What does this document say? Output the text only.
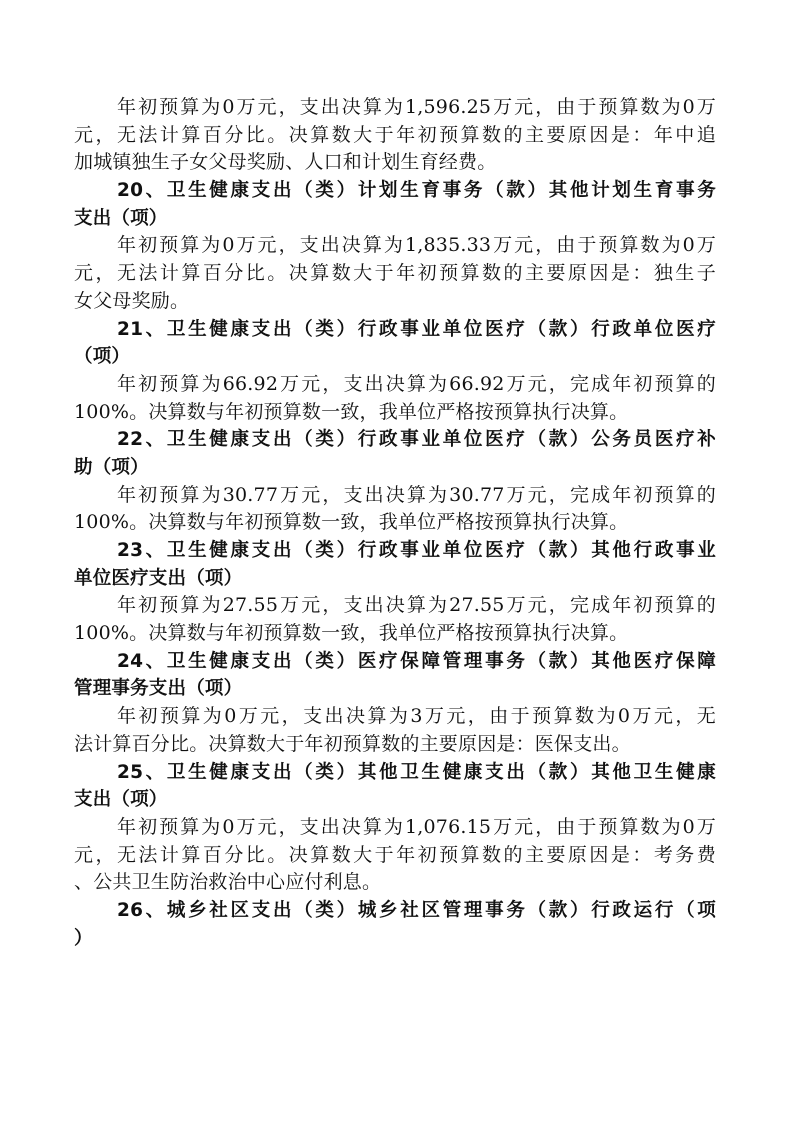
年初预算为0万元，支出决算为1,596.25万元，由于预算数为0万
元，无法计算百分比。决算数大于年初预算数的主要原因是：年中追
加城镇独生子女父母奖励、人口和计划生育经费。
20、卫生健康支出（类）计划生育事务（款）其他计划生育事务
支出（项）
年初预算为0万元，支出决算为1,835.33万元，由于预算数为0万
元，无法计算百分比。决算数大于年初预算数的主要原因是：独生子
女父母奖励。
21、卫生健康支出（类）行政事业单位医疗（款）行政单位医疗
（项）
年初预算为66.92万元，支出决算为66.92万元，完成年初预算的
100%。决算数与年初预算数一致，我单位严格按预算执行决算。
22、卫生健康支出（类）行政事业单位医疗（款）公务员医疗补
助（项）
年初预算为30.77万元，支出决算为30.77万元，完成年初预算的
100%。决算数与年初预算数一致，我单位严格按预算执行决算。
23、卫生健康支出（类）行政事业单位医疗（款）其他行政事业
单位医疗支出（项）
年初预算为27.55万元，支出决算为27.55万元，完成年初预算的
100%。决算数与年初预算数一致，我单位严格按预算执行决算。
24、卫生健康支出（类）医疗保障管理事务（款）其他医疗保障
管理事务支出（项）
年初预算为0万元，支出决算为3万元，由于预算数为0万元，无
法计算百分比。决算数大于年初预算数的主要原因是：医保支出。
25、卫生健康支出（类）其他卫生健康支出（款）其他卫生健康
支出（项）
年初预算为0万元，支出决算为1,076.15万元，由于预算数为0万
元，无法计算百分比。决算数大于年初预算数的主要原因是：考务费
、公共卫生防治救治中心应付利息。
26、城乡社区支出（类）城乡社区管理事务（款）行政运行（项
）
